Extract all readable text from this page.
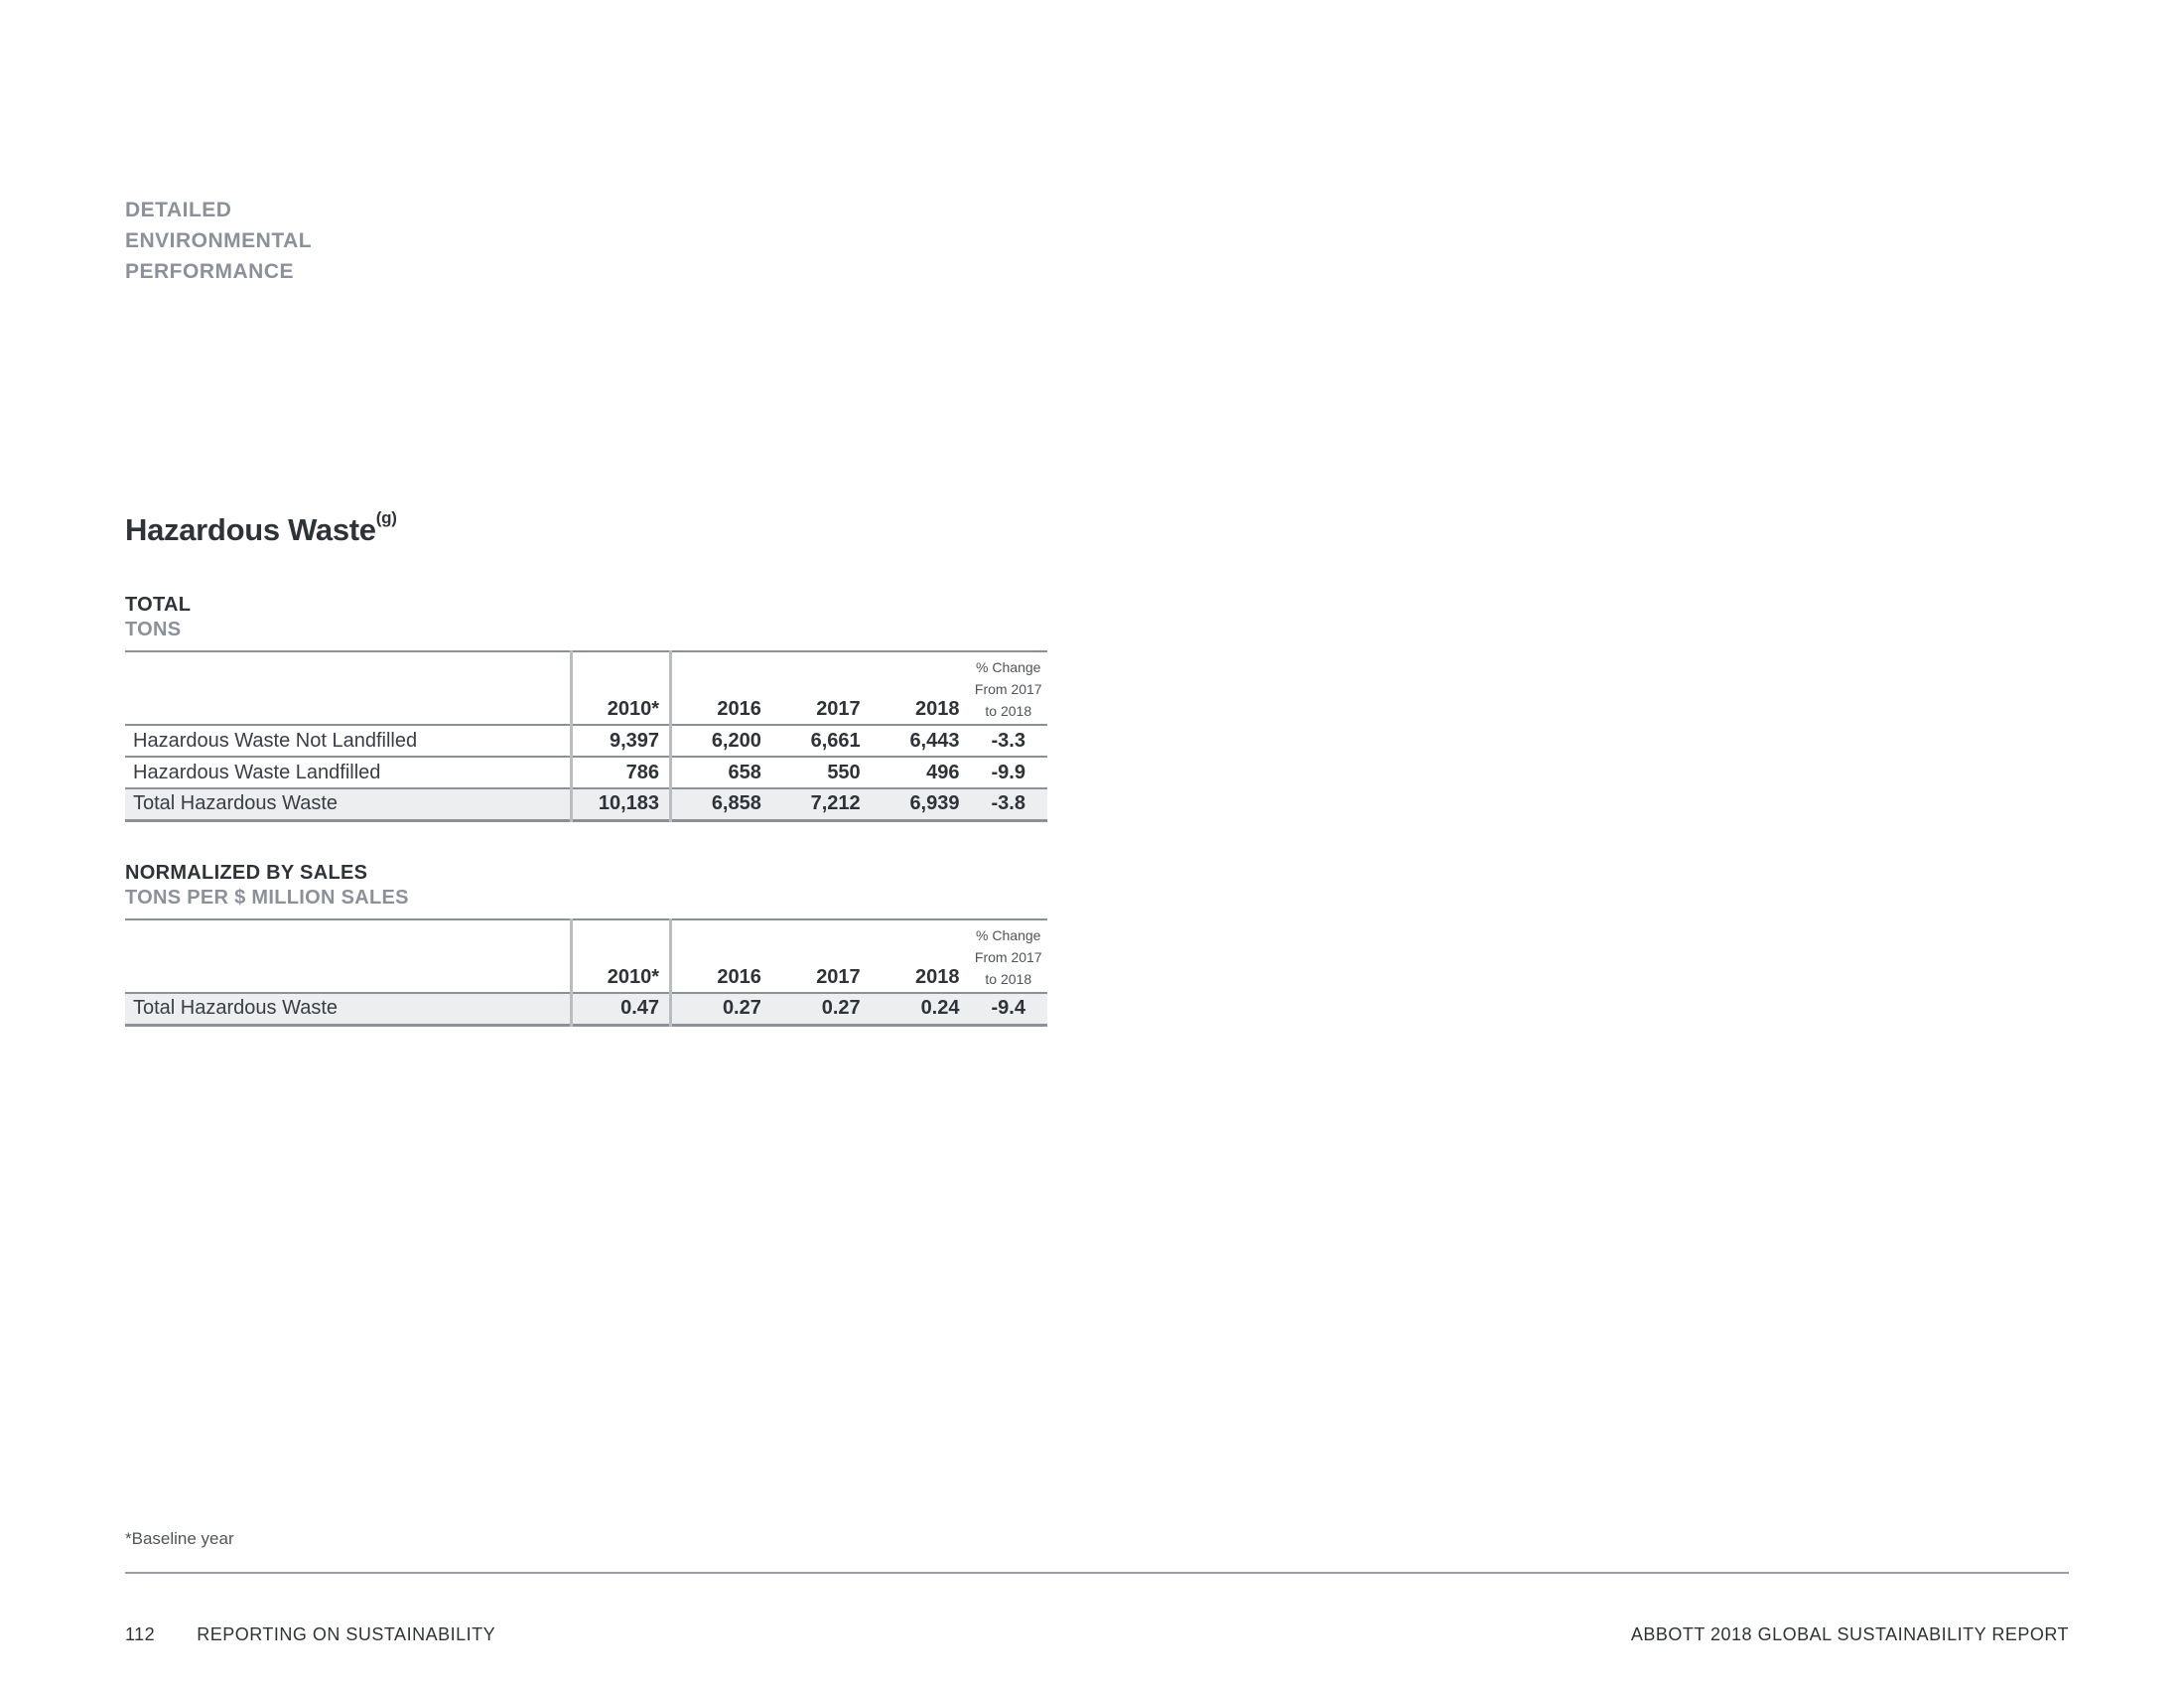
DETAILED
ENVIRONMENTAL
PERFORMANCE
Hazardous Waste$^{(g)}$
TOTAL
TONS
	2010*	2016	2017	2018	% Change
From 2017
to 2018

Hazardous Waste Not Landfilled	9,397	6,200	6,661	6,443	-3.3
Hazardous Waste Landfilled	786	658	550	496	-9.9
Total Hazardous Waste	10,183	6,858	7,212	6,939	-3.8
NORMALIZED BY SALES
TONS PER $ MILLION SALES
	2010*	2016	2017	2018	% Change
From 2017
to 2018

Total Hazardous Waste	0.47	0.27	0.27	0.24	-9.4
*Baseline year
112 REPORTING ON SUSTAINABILITY	ABBOTT 2018 GLOBAL SUSTAINABILITY REPORT
